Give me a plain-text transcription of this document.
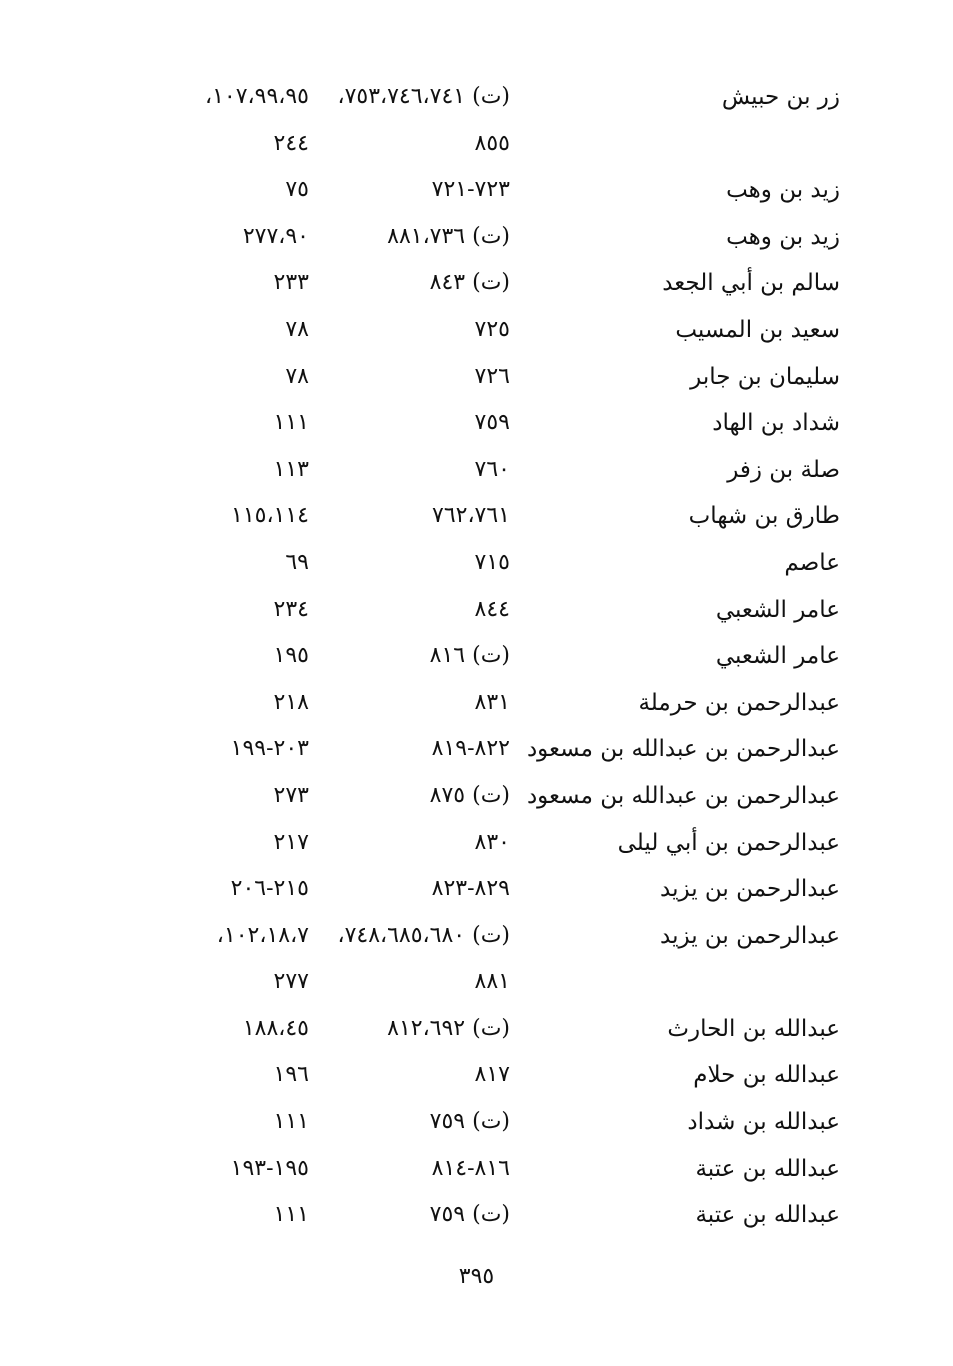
زر بن حبيش
(ت) ٧٥٣،٧٤٦،٧٤١،
١٠٧،٩٩،٩٥،
٨٥٥
٢٤٤
زيد بن وهب
٧٢٣-٧٢١
٧٥
زيد بن وهب
(ت) ٨٨١،٧٣٦
٢٧٧،٩٠
سالم بن أبي الجعد
(ت) ٨٤٣
٢٣٣
سعيد بن المسيب
٧٢٥
٧٨
سليمان بن جابر
٧٢٦
٧٨
شداد بن الهاد
٧٥٩
١١١
صلة بن زفر
٧٦٠
١١٣
طارق بن شهاب
٧٦٢،٧٦١
١١٥،١١٤
عاصم
٧١٥
٦٩
عامر الشعبي
٨٤٤
٢٣٤
عامر الشعبي
(ت) ٨١٦
١٩٥
عبدالرحمن بن حرملة
٨٣١
٢١٨
عبدالرحمن بن عبدالله بن مسعود
٨٢٢-٨١٩
٢٠٣-١٩٩
عبدالرحمن بن عبدالله بن مسعود
(ت) ٨٧٥
٢٧٣
عبدالرحمن بن أبي ليلى
٨٣٠
٢١٧
عبدالرحمن بن يزيد
٨٢٩-٨٢٣
٢١٥-٢٠٦
عبدالرحمن بن يزيد
(ت) ٧٤٨،٦٨٥،٦٨٠،
١٠٢،١٨،٧،
٨٨١
٢٧٧
عبدالله بن الحارث
(ت) ٨١٢،٦٩٢
١٨٨،٤٥
عبدالله بن حلام
٨١٧
١٩٦
عبدالله بن شداد
(ت) ٧٥٩
١١١
عبدالله بن عتبة
٨١٦-٨١٤
١٩٥-١٩٣
عبدالله بن عتبة
(ت) ٧٥٩
١١١
٣٩٥
